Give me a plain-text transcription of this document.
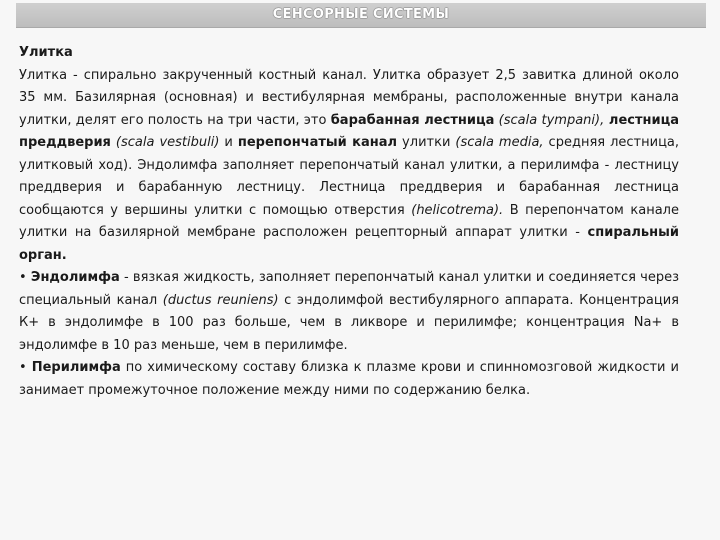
СЕНСОРНЫЕ СИСТЕМЫ

Улитка

Улитка - спирально закрученный костный канал. Улитка образует 2,5 завитка длиной около 35 мм. Базилярная (основная) и вестибулярная мембраны, расположенные внутри канала улитки, делят его полость на три части, это барабанная лестница (scala tympani), лестница преддверия (scala vestibuli) и перепончатый канал улитки (scala media, средняя лестница, улитковый ход). Эндолимфа заполняет перепончатый канал улитки, а перилимфа - лестницу преддверия и барабанную лестницу. Лестница преддверия и барабанная лестница сообщаются у вершины улитки с помощью отверстия (helicotrema). В перепончатом канале улитки на базилярной мембране расположен рецепторный аппарат улитки - спиральный орган.

• Эндолимфа - вязкая жидкость, заполняет перепончатый канал улитки и соединяется через специальный канал (ductus reuniens) с эндолимфой вестибулярного аппарата. Концентрация К+ в эндолимфе в 100 раз больше, чем в ликворе и перилимфе; концентрация Na+ в эндолимфе в 10 раз меньше, чем в перилимфе.

• Перилимфа по химическому составу близка к плазме крови и спинномозговой жидкости и занимает промежуточное положение между ними по содержанию белка.
